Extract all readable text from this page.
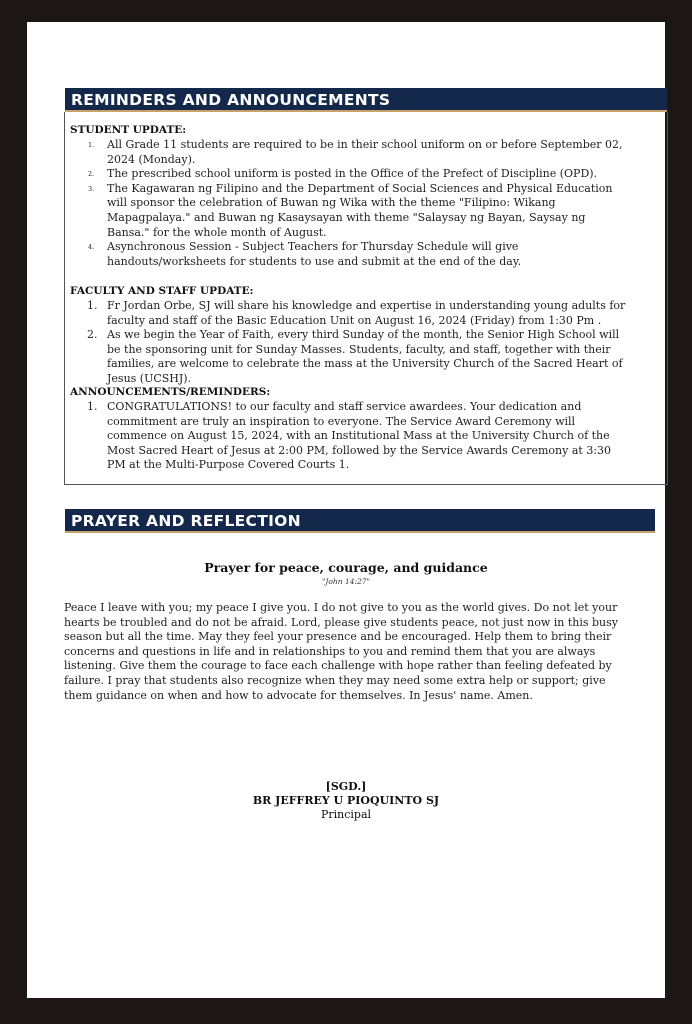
REMINDERS AND ANNOUNCEMENTS
STUDENT UPDATE:
1. All Grade 11 students are required to be in their school uniform on or before September 02, 2024 (Monday).
2. The prescribed school uniform is posted in the Office of the Prefect of Discipline (OPD).
3. The Kagawaran ng Filipino and the Department of Social Sciences and Physical Education will sponsor the celebration of Buwan ng Wika with the theme "Filipino: Wikang Mapagpalaya." and Buwan ng Kasaysayan with theme "Salaysay ng Bayan, Saysay ng Bansa." for the whole month of August.
4. Asynchronous Session - Subject Teachers for Thursday Schedule will give handouts/worksheets for students to use and submit at the end of the day.
FACULTY AND STAFF UPDATE:
1. Fr Jordan Orbe, SJ will share his knowledge and expertise in understanding young adults for faculty and staff of the Basic Education Unit on August 16, 2024 (Friday) from 1:30 Pm .
2. As we begin the Year of Faith, every third Sunday of the month, the Senior High School will be the sponsoring unit for Sunday Masses. Students, faculty, and staff, together with their families, are welcome to celebrate the mass at the University Church of the Sacred Heart of Jesus (UCSHJ).
ANNOUNCEMENTS/REMINDERS:
1. CONGRATULATIONS! to our faculty and staff service awardees. Your dedication and commitment are truly an inspiration to everyone. The Service Award Ceremony will commence on August 15, 2024, with an Institutional Mass at the University Church of the Most Sacred Heart of Jesus at 2:00 PM, followed by the Service Awards Ceremony at 3:30 PM at the Multi-Purpose Covered Courts 1.
PRAYER AND REFLECTION
Prayer for peace, courage, and guidance
"John 14:27"

Peace I leave with you; my peace I give you. I do not give to you as the world gives. Do not let your hearts be troubled and do not be afraid. Lord, please give students peace, not just now in this busy season but all the time. May they feel your presence and be encouraged. Help them to bring their concerns and questions in life and in relationships to you and remind them that you are always listening. Give them the courage to face each challenge with hope rather than feeling defeated by failure. I pray that students also recognize when they may need some extra help or support; give them guidance on when and how to advocate for themselves. In Jesus' name. Amen.

[SGD.]
BR JEFFREY U PIOQUINTO SJ
Principal
